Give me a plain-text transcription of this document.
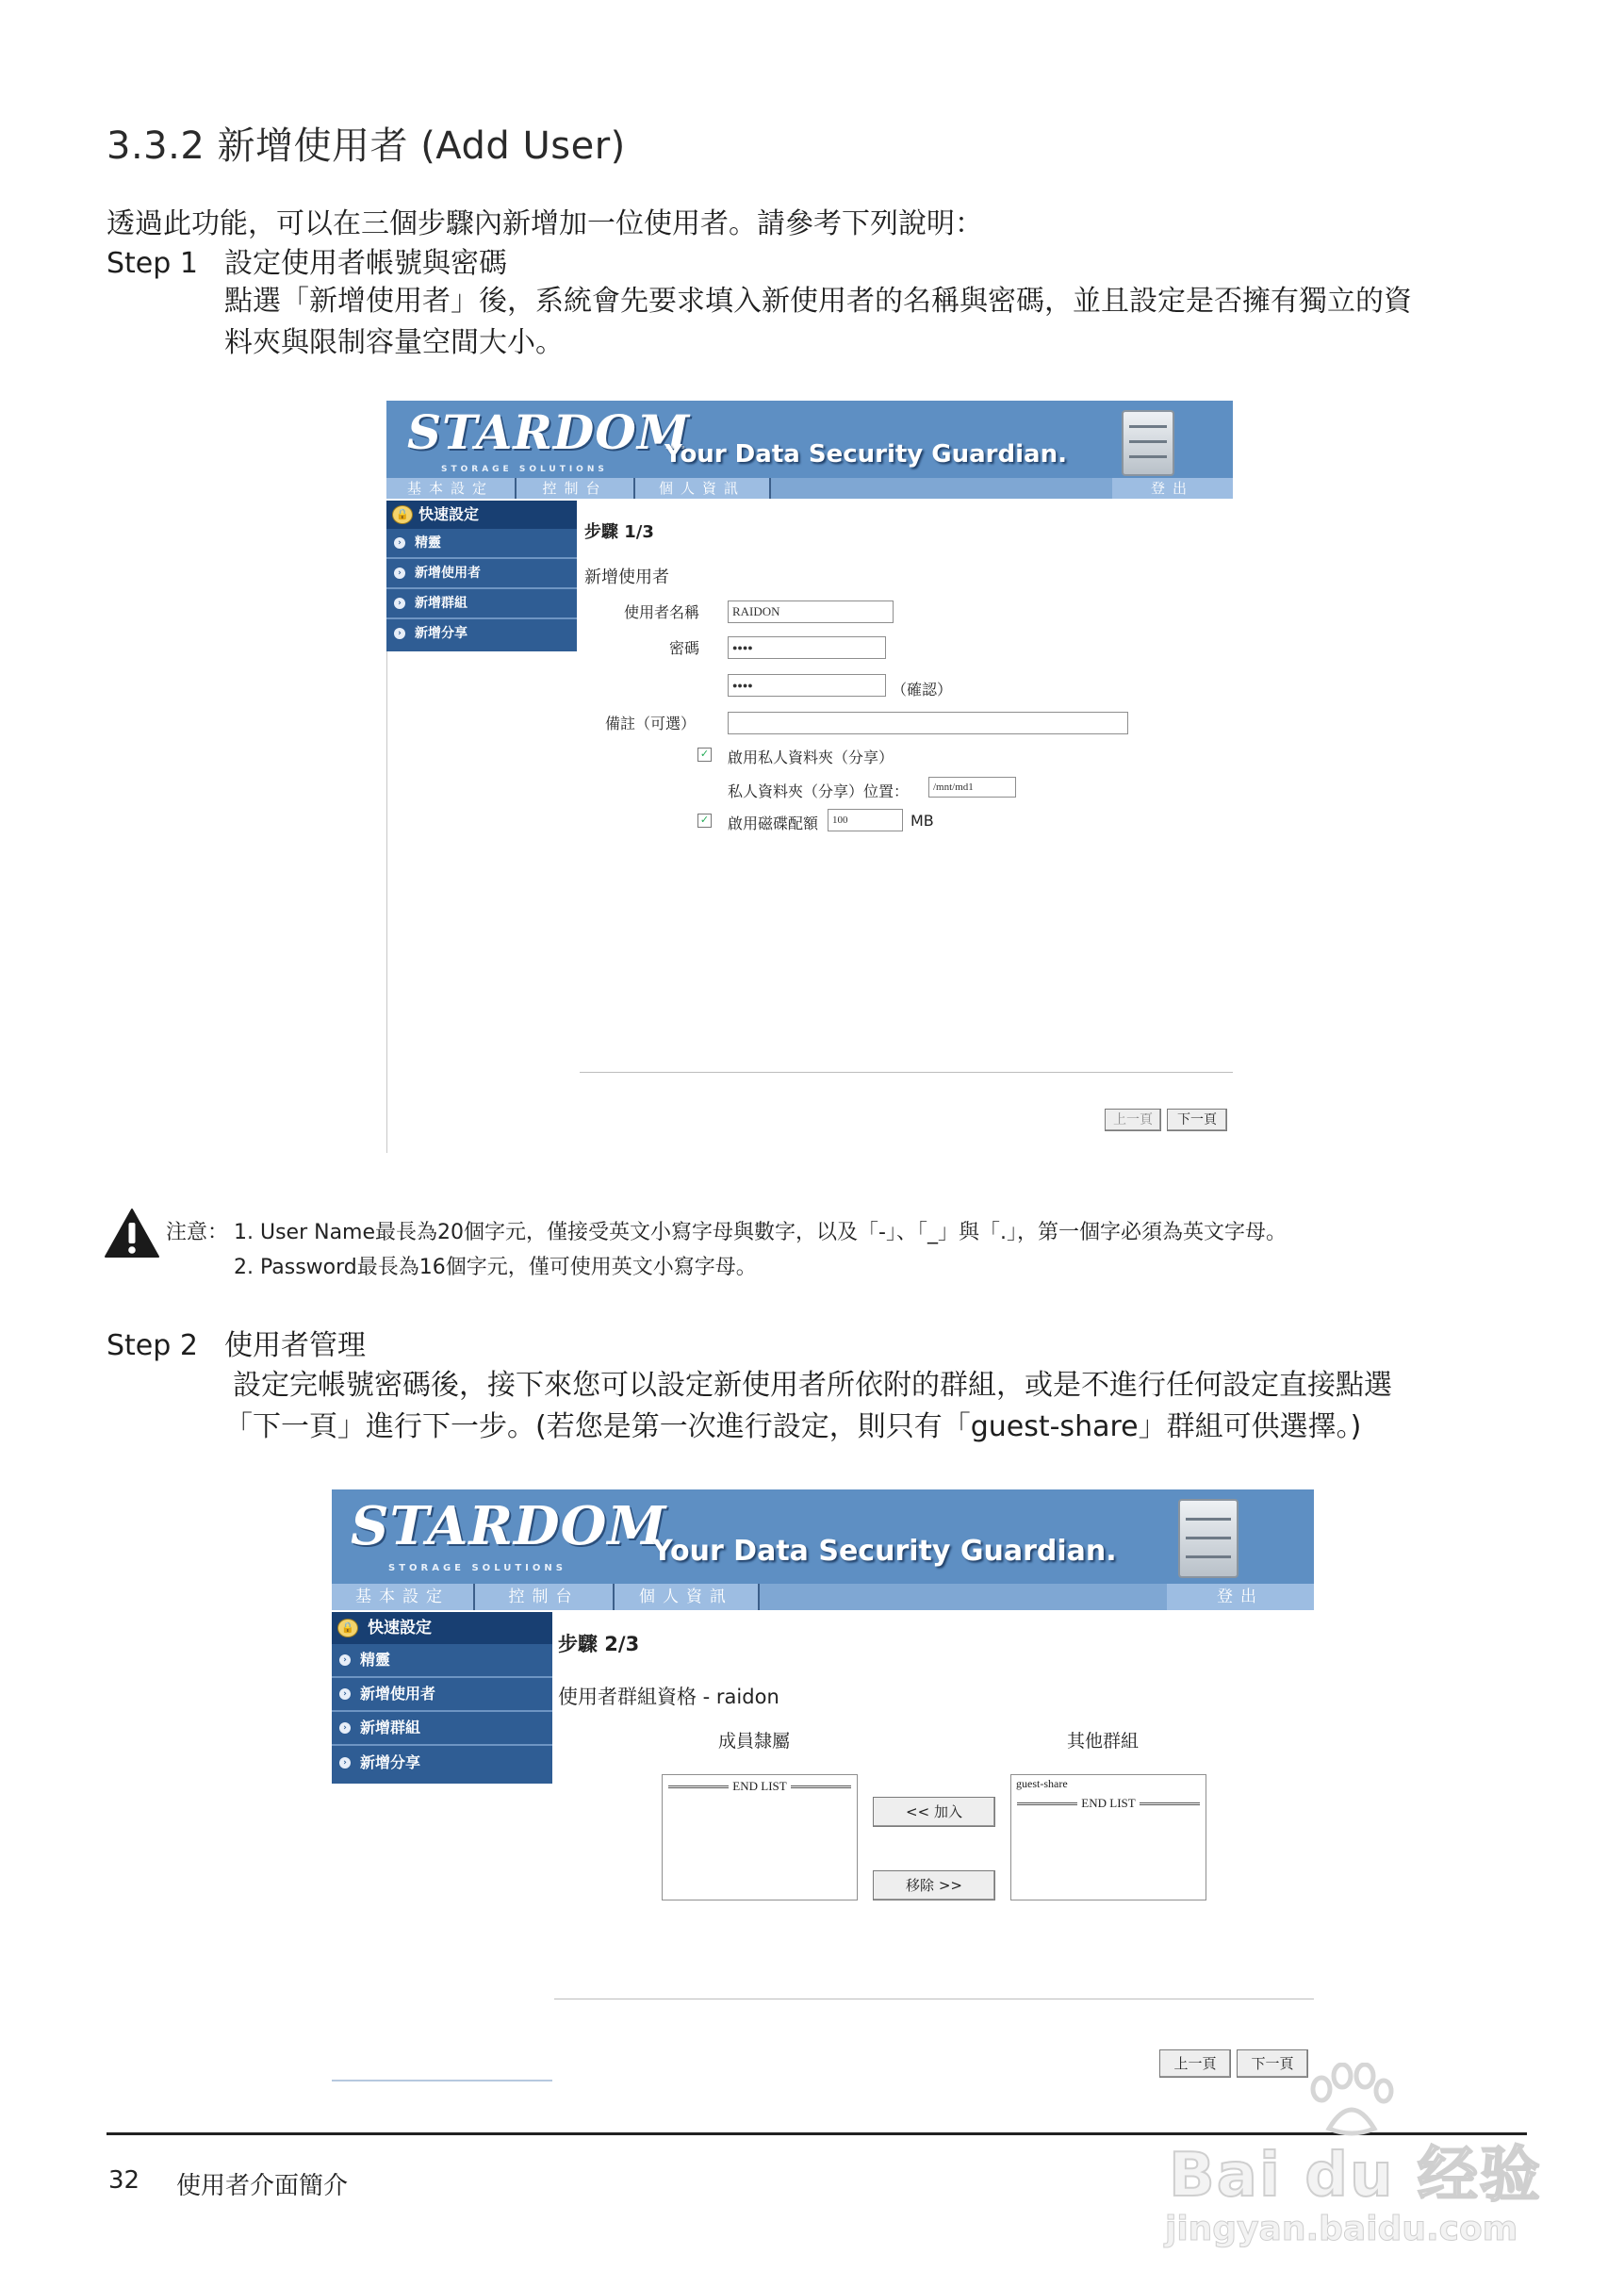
3.3.2 新增使用者 (Add User)
透過此功能，可以在三個步驟內新增加一位使用者。請參考下列說明：
Step 1 設定使用者帳號與密碼
點選「新增使用者」後，系統會先要求填入新使用者的名稱與密碼，並且設定是否擁有獨立的資
料夾與限制容量空間大小。
STARDOM
STORAGE SOLUTIONS
Your Data Security Guardian.
基本設定	控制台	個人資訊	登出
🔒 快速設定
› 精靈
› 新增使用者
› 新增群組
› 新增分享
步驟 1/3
新增使用者
使用者名稱	RAIDON
密碼	●●●●
●●●●	（確認）
備註（可選）
✓ 啟用私人資料夾（分享）
私人資料夾（分享）位置：	/mnt/md1
✓ 啟用磁碟配額	100	MB
上一頁	下一頁
注意： 1. User Name最長為20個字元，僅接受英文小寫字母與數字，以及「-」、「_」與「.」，第一個字必須為英文字母。
2. Password最長為16個字元，僅可使用英文小寫字母。
Step 2 使用者管理
設定完帳號密碼後，接下來您可以設定新使用者所依附的群組，或是不進行任何設定直接點選
「下一頁」進行下一步。(若您是第一次進行設定，則只有「guest-share」群組可供選擇。)
STARDOM
STORAGE SOLUTIONS
Your Data Security Guardian.
基本設定	控制台	個人資訊	登出
🔒 快速設定
› 精靈
› 新增使用者
› 新增群組
› 新增分享
步驟 2/3
使用者群組資格 - raidon
成員隸屬	其他群組
END LIST
<< 加入
移除 >>
guest-share
END LIST
上一頁	下一頁
32 使用者介面簡介	Bai du 经验
jingyan.baidu.com
